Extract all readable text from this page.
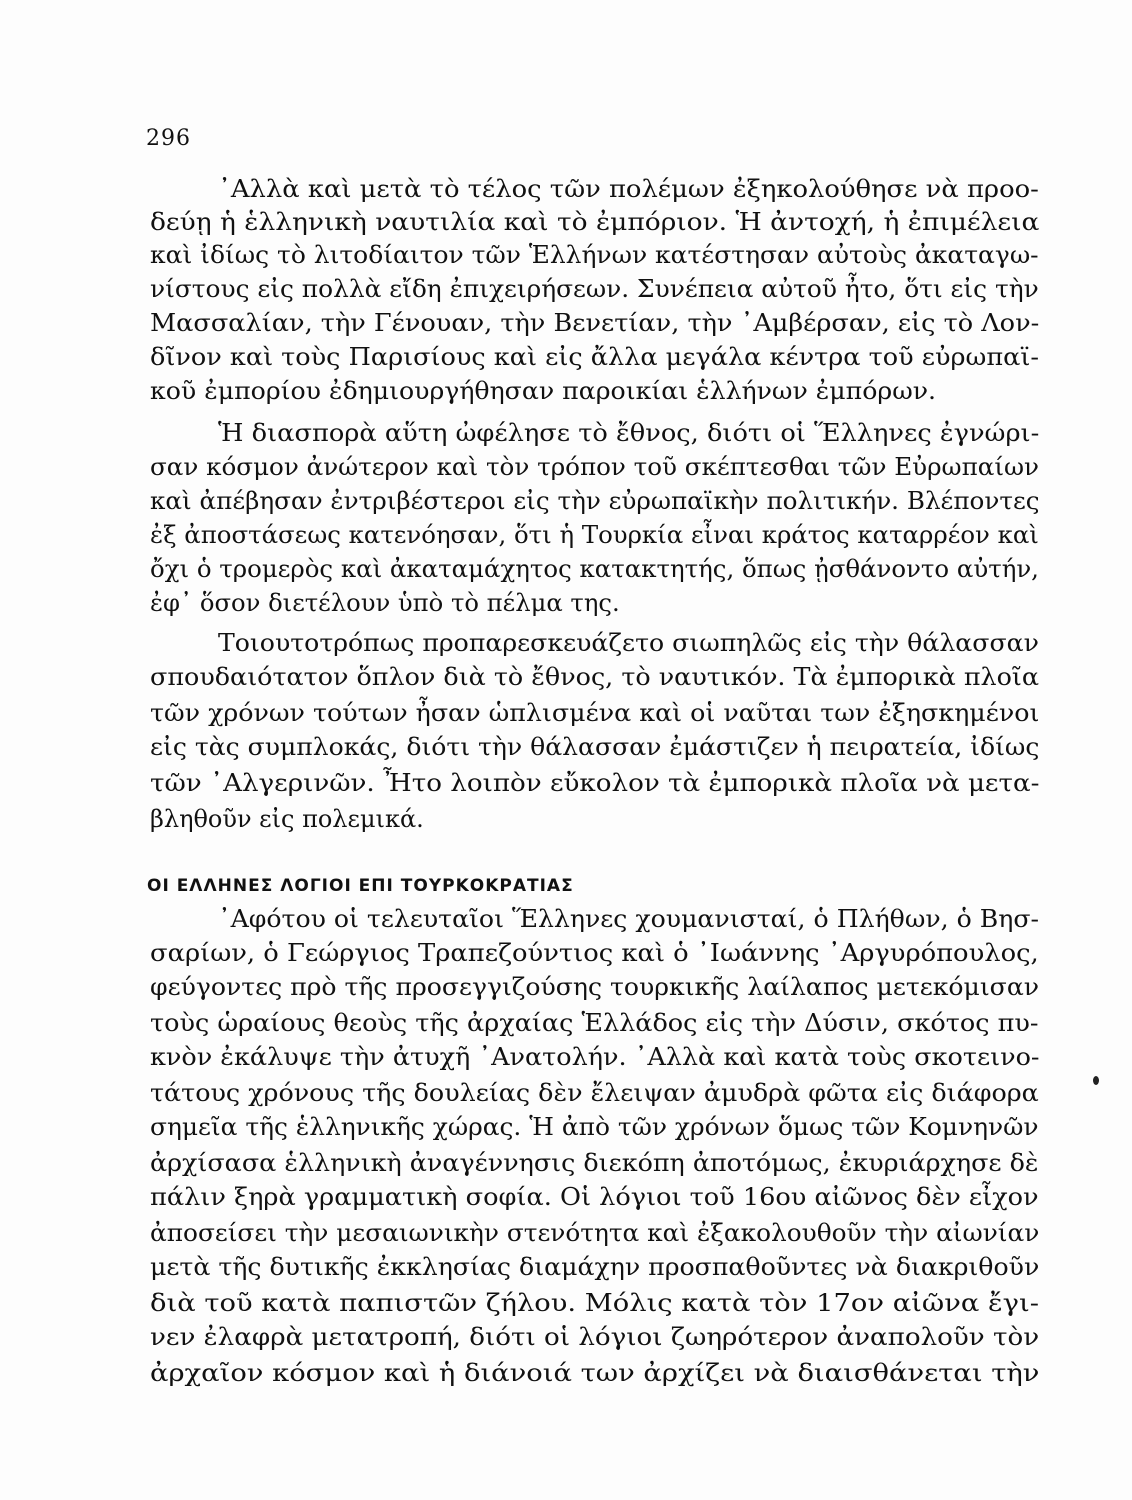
296
᾿Αλλὰ καὶ μετὰ τὸ τέλος τῶν πολέμων ἐξηκολούθησε νὰ προο-
δεύῃ ἡ ἑλληνικὴ ναυτιλία καὶ τὸ ἐμπόριον. Ἡ ἀντοχή, ἡ ἐπιμέλεια
καὶ ἰδίως τὸ λιτοδίαιτον τῶν Ἑλλήνων κατέστησαν αὐτοὺς ἀκαταγω-
νίστους εἰς πολλὰ εἴδη ἐπιχειρήσεων. Συνέπεια αὐτοῦ ἦτο, ὅτι εἰς τὴν
Μασσαλίαν, τὴν Γένουαν, τὴν Βενετίαν, τὴν ᾿Αμβέρσαν, εἰς τὸ Λον-
δῖνον καὶ τοὺς Παρισίους καὶ εἰς ἄλλα μεγάλα κέντρα τοῦ εὐρωπαϊ-
κοῦ ἐμπορίου ἐδημιουργήθησαν παροικίαι ἑλλήνων ἐμπόρων.
Ἡ διασπορὰ αὕτη ὠφέλησε τὸ ἔθνος, διότι οἱ Ἕλληνες ἐγνώρι-
σαν κόσμον ἀνώτερον καὶ τὸν τρόπον τοῦ σκέπτεσθαι τῶν Εὐρωπαίων
καὶ ἀπέβησαν ἐντριβέστεροι εἰς τὴν εὐρωπαϊκὴν πολιτικήν. Βλέποντες
ἐξ ἀποστάσεως κατενόησαν, ὅτι ἡ Τουρκία εἶναι κράτος καταρρέον καὶ
ὄχι ὁ τρομερὸς καὶ ἀκαταμάχητος κατακτητής, ὅπως ᾐσθάνοντο αὐτήν,
ἐφ᾿ ὅσον διετέλουν ὑπὸ τὸ πέλμα της.
Τοιουτοτρόπως προπαρεσκευάζετο σιωπηλῶς εἰς τὴν θάλασσαν
σπουδαιότατον ὅπλον διὰ τὸ ἔθνος, τὸ ναυτικόν. Τὰ ἐμπορικὰ πλοῖα
τῶν χρόνων τούτων ἦσαν ὡπλισμένα καὶ οἱ ναῦται των ἐξησκημένοι
εἰς τὰς συμπλοκάς, διότι τὴν θάλασσαν ἐμάστιζεν ἡ πειρατεία, ἰδίως
τῶν ᾿Αλγερινῶν. Ἦτο λοιπὸν εὔκολον τὰ ἐμπορικὰ πλοῖα νὰ μετα-
βληθοῦν εἰς πολεμικά.
ΟΙ ΕΛΛΗΝΕΣ ΛΟΓΙΟΙ ΕΠΙ ΤΟΥΡΚΟΚΡΑΤΙΑΣ
᾿Αφότου οἱ τελευταῖοι Ἕλληνες χουμανισταί, ὁ Πλήθων, ὁ Βησ-
σαρίων, ὁ Γεώργιος Τραπεζούντιος καὶ ὁ ᾿Ιωάννης ᾿Αργυρόπουλος,
φεύγοντες πρὸ τῆς προσεγγιζούσης τουρκικῆς λαίλαπος μετεκόμισαν
τοὺς ὡραίους θεοὺς τῆς ἀρχαίας Ἑλλάδος εἰς τὴν Δύσιν, σκότος πυ-
κνὸν ἐκάλυψε τὴν ἀτυχῆ ᾿Ανατολήν. ᾿Αλλὰ καὶ κατὰ τοὺς σκοτεινο-
τάτους χρόνους τῆς δουλείας δὲν ἔλειψαν ἀμυδρὰ φῶτα εἰς διάφορα
σημεῖα τῆς ἑλληνικῆς χώρας. Ἡ ἀπὸ τῶν χρόνων ὅμως τῶν Κομνηνῶν
ἀρχίσασα ἑλληνικὴ ἀναγέννησις διεκόπη ἀποτόμως, ἐκυριάρχησε δὲ
πάλιν ξηρὰ γραμματικὴ σοφία. Οἱ λόγιοι τοῦ 16ου αἰῶνος δὲν εἶχον
ἀποσείσει τὴν μεσαιωνικὴν στενότητα καὶ ἐξακολουθοῦν τὴν αἰωνίαν
μετὰ τῆς δυτικῆς ἐκκλησίας διαμάχην προσπαθοῦντες νὰ διακριθοῦν
διὰ τοῦ κατὰ παπιστῶν ζήλου. Μόλις κατὰ τὸν 17ον αἰῶνα ἔγι-
νεν ἐλαφρὰ μετατροπή, διότι οἱ λόγιοι ζωηρότερον ἀναπολοῦν τὸν
ἀρχαῖον κόσμον καὶ ἡ διάνοιά των ἀρχίζει νὰ διαισθάνεται τὴν
